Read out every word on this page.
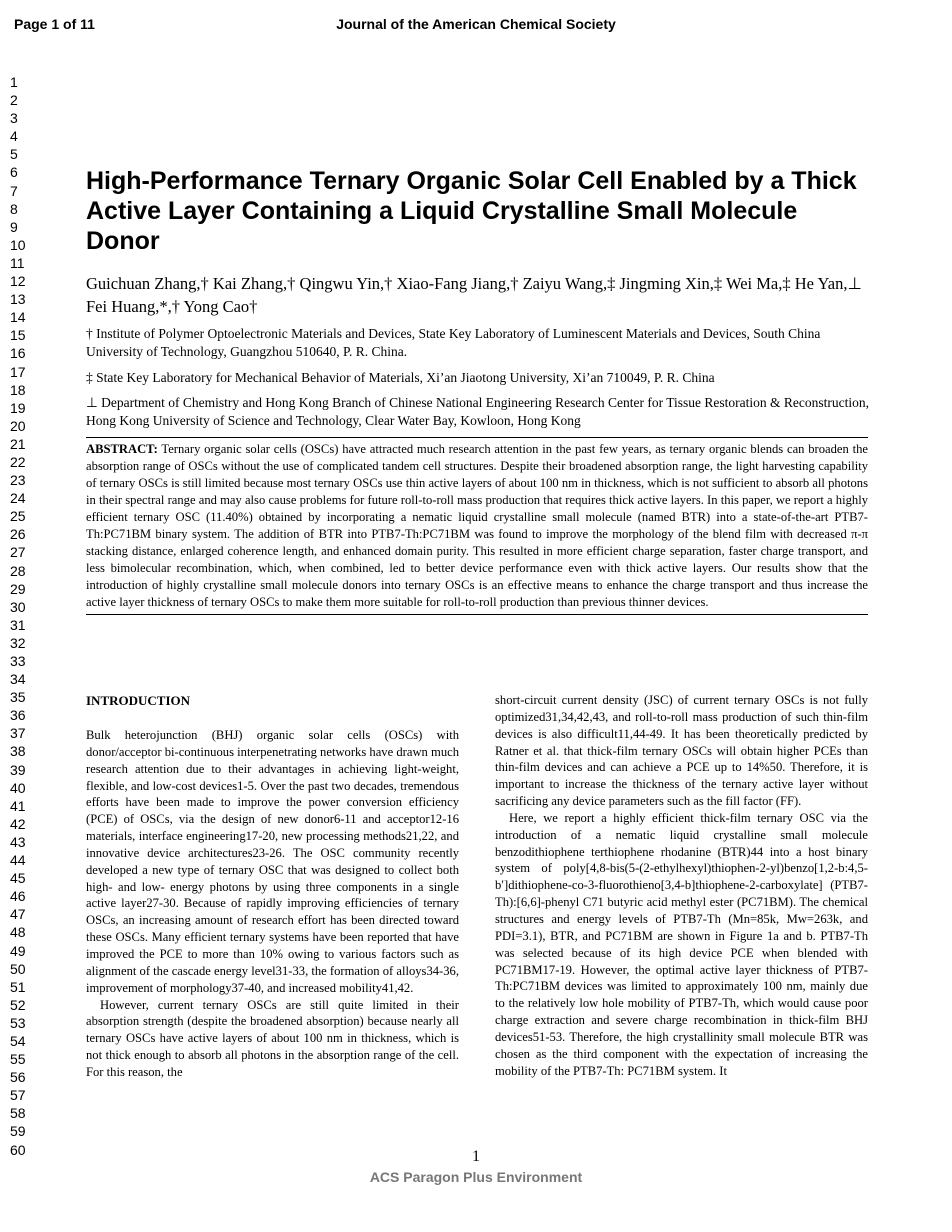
Page 1 of 11	Journal of the American Chemical Society
1
2
3
4
5
6
7
8
9
10
11
12
13
14
15
16
17
18
19
20
21
22
23
24
25
26
27
28
29
30
31
32
33
34
35
36
37
38
39
40
41
42
43
44
45
46
47
48
49
50
51
52
53
54
55
56
57
58
59
60
High-Performance Ternary Organic Solar Cell Enabled by a Thick Active Layer Containing a Liquid Crystalline Small Molecule Donor
Guichuan Zhang,† Kai Zhang,† Qingwu Yin,† Xiao-Fang Jiang,† Zaiyu Wang,‡ Jingming Xin,‡ Wei Ma,‡ He Yan,⊥ Fei Huang,*,† Yong Cao†
† Institute of Polymer Optoelectronic Materials and Devices, State Key Laboratory of Luminescent Materials and Devices, South China University of Technology, Guangzhou 510640, P. R. China.
‡ State Key Laboratory for Mechanical Behavior of Materials, Xi’an Jiaotong University, Xi’an 710049, P. R. China
⊥ Department of Chemistry and Hong Kong Branch of Chinese National Engineering Research Center for Tissue Restoration & Reconstruction, Hong Kong University of Science and Technology, Clear Water Bay, Kowloon, Hong Kong
ABSTRACT: Ternary organic solar cells (OSCs) have attracted much research attention in the past few years, as ternary organic blends can broaden the absorption range of OSCs without the use of complicated tandem cell structures. Despite their broadened absorption range, the light harvesting capability of ternary OSCs is still limited because most ternary OSCs use thin active layers of about 100 nm in thickness, which is not sufficient to absorb all photons in their spectral range and may also cause problems for future roll-to-roll mass production that requires thick active layers. In this paper, we report a highly efficient ternary OSC (11.40%) obtained by incorporating a nematic liquid crystalline small molecule (named BTR) into a state-of-the-art PTB7-Th:PC71BM binary system. The addition of BTR into PTB7-Th:PC71BM was found to improve the morphology of the blend film with decreased π-π stacking distance, enlarged coherence length, and enhanced domain purity. This resulted in more efficient charge separation, faster charge transport, and less bimolecular recombination, which, when combined, led to better device performance even with thick active layers. Our results show that the introduction of highly crystalline small molecule donors into ternary OSCs is an effective means to enhance the charge transport and thus increase the active layer thickness of ternary OSCs to make them more suitable for roll-to-roll production than previous thinner devices.
INTRODUCTION

Bulk heterojunction (BHJ) organic solar cells (OSCs) with donor/acceptor bi-continuous interpenetrating networks have drawn much research attention due to their advantages in achieving light-weight, flexible, and low-cost devices1-5. Over the past two decades, tremendous efforts have been made to improve the power conversion efficiency (PCE) of OSCs, via the design of new donor6-11 and acceptor12-16 materials, interface engineering17-20, new processing methods21,22, and innovative device architectures23-26. The OSC community recently developed a new type of ternary OSC that was designed to collect both high- and low- energy photons by using three components in a single active layer27-30. Because of rapidly improving efficiencies of ternary OSCs, an increasing amount of research effort has been directed toward these OSCs. Many efficient ternary systems have been reported that have improved the PCE to more than 10% owing to various factors such as alignment of the cascade energy level31-33, the formation of alloys34-36, improvement of morphology37-40, and increased mobility41,42.

However, current ternary OSCs are still quite limited in their absorption strength (despite the broadened absorption) because nearly all ternary OSCs have active layers of about 100 nm in thickness, which is not thick enough to absorb all photons in the absorption range of the cell. For this reason, the

short-circuit current density (JSC) of current ternary OSCs is not fully optimized31,34,42,43, and roll-to-roll mass production of such thin-film devices is also difficult11,44-49. It has been theoretically predicted by Ratner et al. that thick-film ternary OSCs will obtain higher PCEs than thin-film devices and can achieve a PCE up to 14%50. Therefore, it is important to increase the thickness of the ternary active layer without sacrificing any device parameters such as the fill factor (FF).

Here, we report a highly efficient thick-film ternary OSC via the introduction of a nematic liquid crystalline small molecule benzodithiophene terthiophene rhodanine (BTR)44 into a host binary system of poly[4,8-bis(5-(2-ethylhexyl)thiophen-2-yl)benzo[1,2-b:4,5-b′]dithiophene-co-3-fluorothieno[3,4-b]thiophene-2-carboxylate] (PTB7-Th):[6,6]-phenyl C71 butyric acid methyl ester (PC71BM). The chemical structures and energy levels of PTB7-Th (Mn=85k, Mw=263k, and PDI=3.1), BTR, and PC71BM are shown in Figure 1a and b. PTB7-Th was selected because of its high device PCE when blended with PC71BM17-19. However, the optimal active layer thickness of PTB7-Th:PC71BM devices was limited to approximately 100 nm, mainly due to the relatively low hole mobility of PTB7-Th, which would cause poor charge extraction and severe charge recombination in thick-film BHJ devices51-53. Therefore, the high crystallinity small molecule BTR was chosen as the third component with the expectation of increasing the mobility of the PTB7-Th: PC71BM system. It

1
ACS Paragon Plus Environment
